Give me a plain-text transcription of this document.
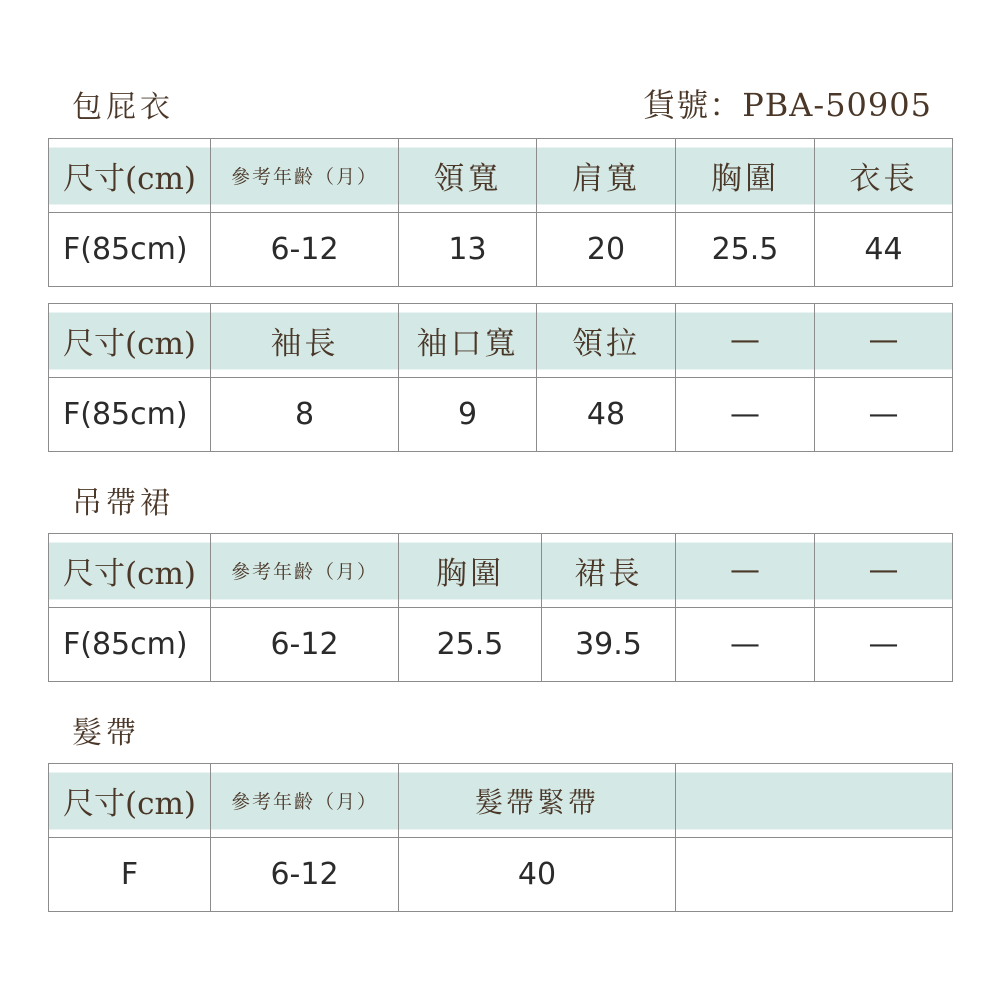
包屁衣	貨號：PBA-50905
尺寸(cm)	參考年齡（月）	領寬	肩寬	胸圍	衣長
F(85cm)	6-12	13	20	25.5	44
尺寸(cm)	袖長	袖口寬	領拉	—	—
F(85cm)	8	9	48	—	—
吊帶裙
尺寸(cm)	參考年齡（月）	胸圍	裙長	—	—
F(85cm)	6-12	25.5	39.5	—	—
髮帶
尺寸(cm)	參考年齡（月）	髮帶緊帶	
F	6-12	40	
